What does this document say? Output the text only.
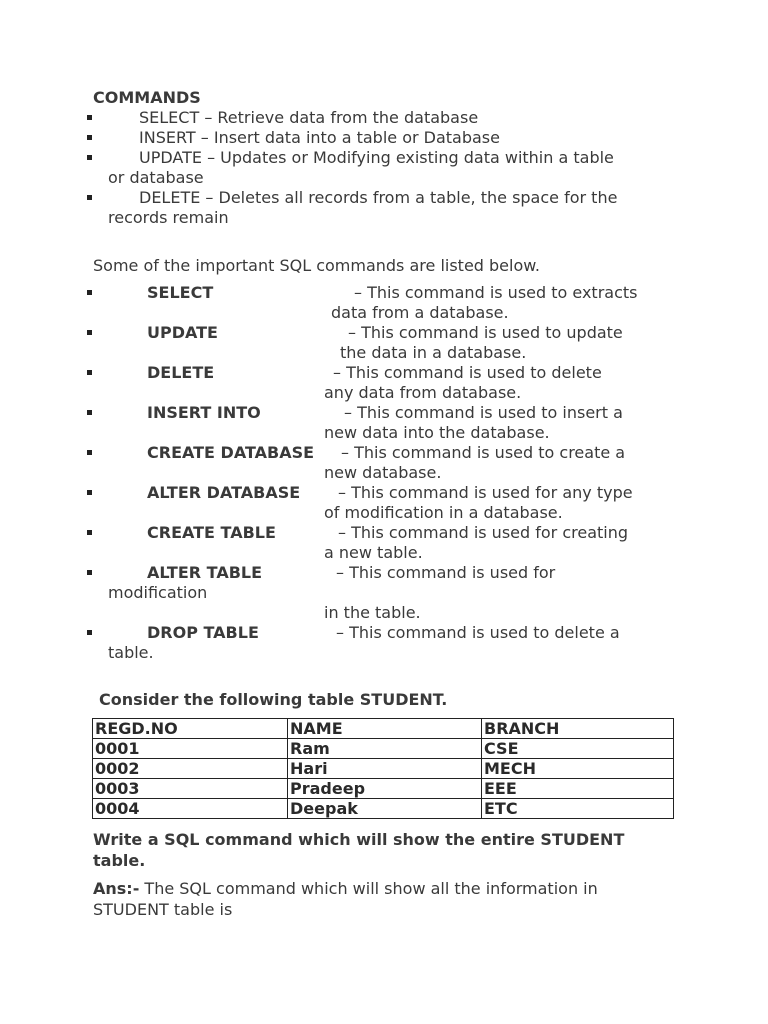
COMMANDS
SELECT – Retrieve data from the database
INSERT – Insert data into a table or Database
UPDATE – Updates or Modifying existing data within a table
or database
DELETE – Deletes all records from a table, the space for the
records remain
Some of the important SQL commands are listed below.
SELECT	– This command is used to extracts
data from a database.
UPDATE	– This command is used to update
the data in a database.
DELETE	– This command is used to delete
any data from database.
INSERT INTO	– This command is used to insert a
new data into the database.
CREATE DATABASE – This command is used to create a
new database.
ALTER DATABASE – This command is used for any type
of modification in a database.
CREATE TABLE	– This command is used for creating
a new table.
ALTER TABLE	– This command is used for
modification
in the table.
DROP TABLE	– This command is used to delete a
table.
Consider the following table STUDENT.
REGD.NO	NAME	BRANCH
0001	Ram	CSE
0002	Hari	MECH
0003	Pradeep	EEE
0004	Deepak	ETC
Write a SQL command which will show the entire STUDENT
table.
Ans:- The SQL command which will show all the information in
STUDENT table is
